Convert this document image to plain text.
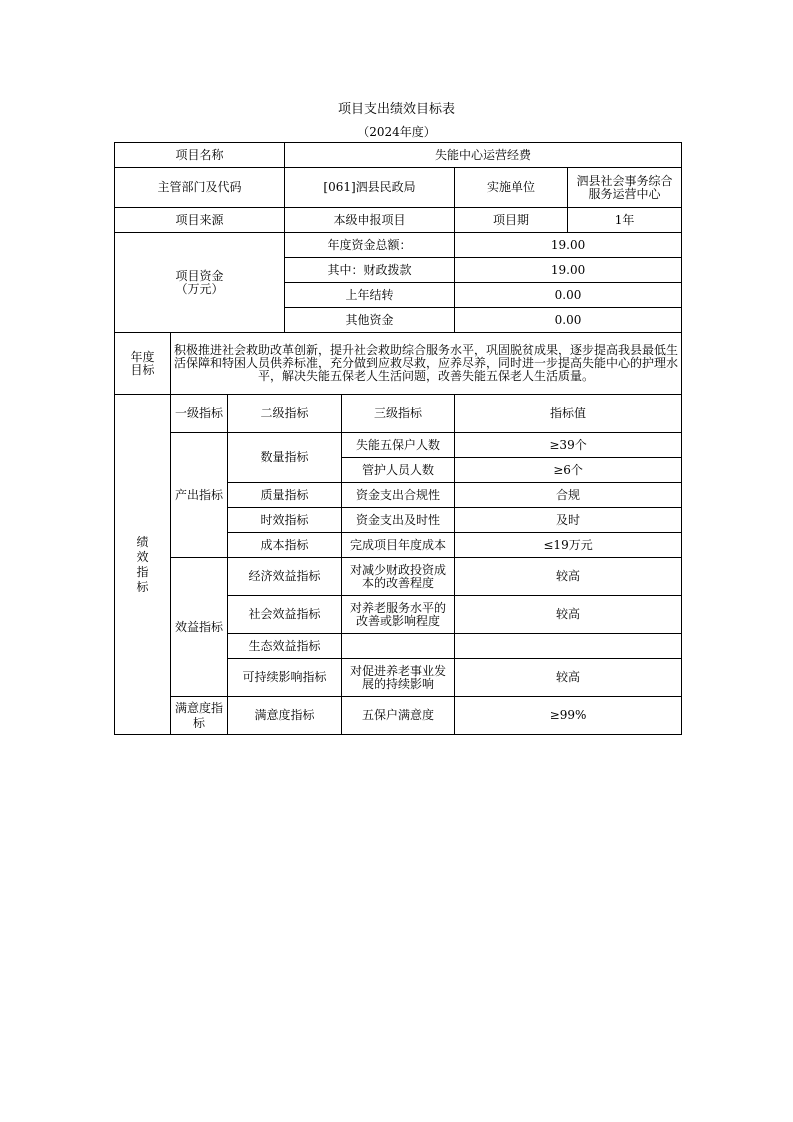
项目支出绩效目标表
（2024年度）
项目名称			失能中心运营经费			
主管部门及代码			[061]泗县民政局		实施单位	泗县社会事务综合服务运营中心
项目来源			本级申报项目		项目期	1年

项目资金
（万元）			年度资金总额：		19.00	
			其中：财政拨款		19.00	
			上年结转		0.00	
			其他资金		0.00	

年度
目标	积极推进社会救助改革创新，提升社会救助综合服务水平，巩固脱贫成果，逐步提高我县最低生活保障和特困人员供养标准，充分做到应救尽救，应养尽养，同时进一步提高失能中心的护理水平，解决失能五保老人生活问题，改善失能五保老人生活质量。					

绩效指标	一级指标	二级指标		三级指标	指标值	
	产出指标	数量指标		失能五保户人数	≥39个	
				管护人员人数	≥6个	
		质量指标		资金支出合规性	合规	
		时效指标		资金支出及时性	及时	
		成本指标		完成项目年度成本	≤19万元	
	效益指标	经济效益指标		对减少财政投资成本的改善程度	较高	
		社会效益指标		对养老服务水平的改善或影响程度	较高	
		生态效益指标				
		可持续影响指标		对促进养老事业发展的持续影响	较高	
	满意度指标	满意度指标		五保户满意度	≥99%	
